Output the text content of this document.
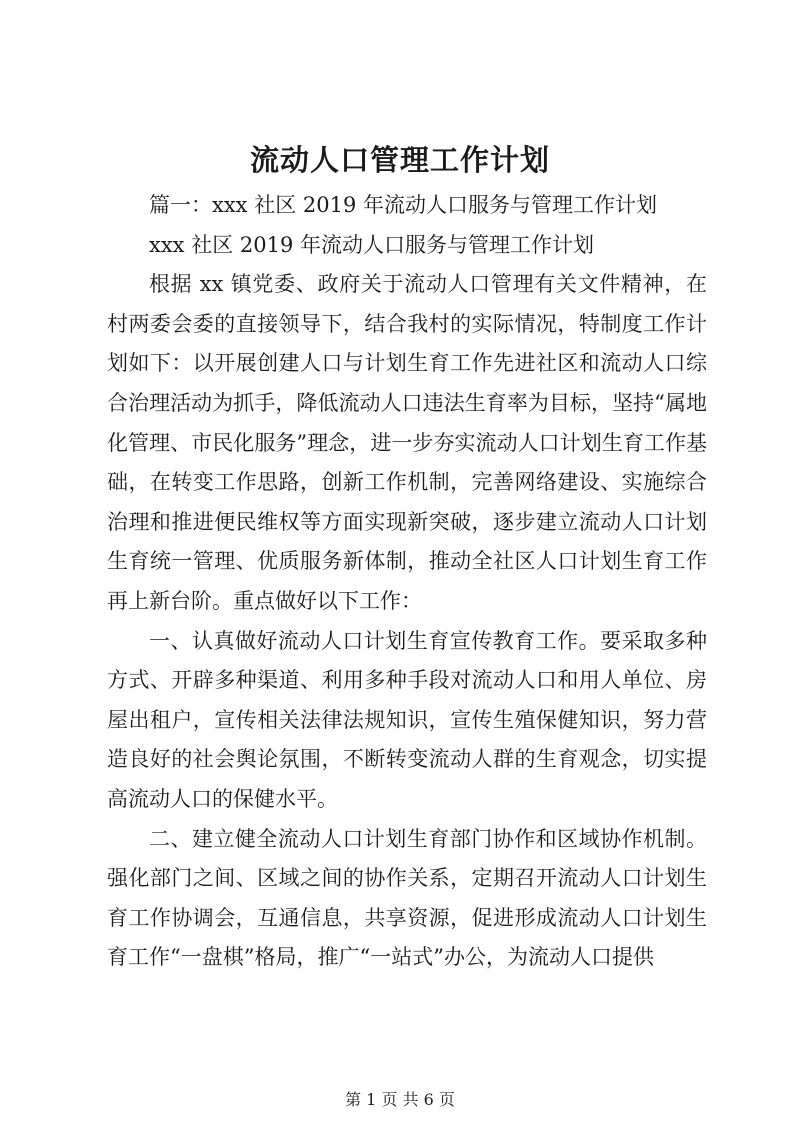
流动人口管理工作计划

篇一：xxx 社区 2019 年流动人口服务与管理工作计划

xxx 社区 2019 年流动人口服务与管理工作计划

根据 xx 镇党委、政府关于流动人口管理有关文件精神，在村两委会委的直接领导下，结合我村的实际情况，特制度工作计划如下：以开展创建人口与计划生育工作先进社区和流动人口综合治理活动为抓手，降低流动人口违法生育率为目标，坚持“属地化管理、市民化服务”理念，进一步夯实流动人口计划生育工作基础，在转变工作思路，创新工作机制，完善网络建设、实施综合治理和推进便民维权等方面实现新突破，逐步建立流动人口计划生育统一管理、优质服务新体制，推动全社区人口计划生育工作再上新台阶。重点做好以下工作：

一、认真做好流动人口计划生育宣传教育工作。要采取多种方式、开辟多种渠道、利用多种手段对流动人口和用人单位、房屋出租户，宣传相关法律法规知识，宣传生殖保健知识，努力营造良好的社会舆论氛围，不断转变流动人群的生育观念，切实提高流动人口的保健水平。

二、建立健全流动人口计划生育部门协作和区域协作机制。强化部门之间、区域之间的协作关系，定期召开流动人口计划生育工作协调会，互通信息，共享资源，促进形成流动人口计划生育工作“一盘棋”格局，推广“一站式”办公，为流动人口提供

第 1 页 共 6 页
